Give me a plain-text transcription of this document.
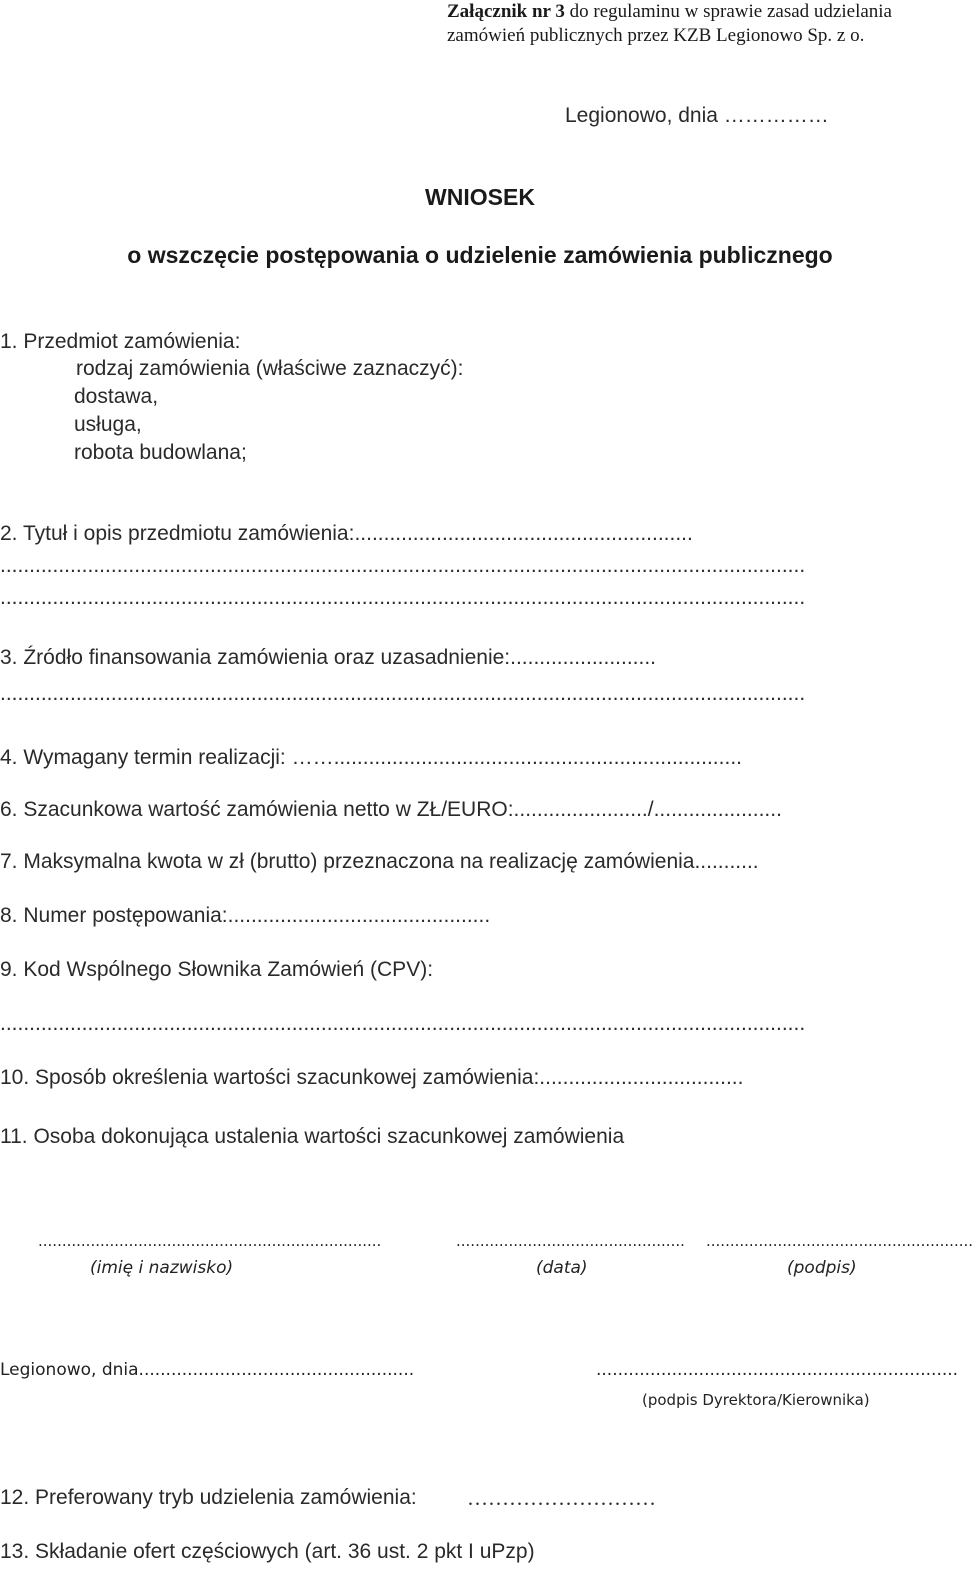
Załącznik nr 3 do regulaminu w sprawie zasad udzielania
zamówień publicznych przez KZB Legionowo Sp. z o.
Legionowo, dnia ……………
WNIOSEK
o wszczęcie postępowania o udzielenie zamówienia publicznego
1. Przedmiot zamówienia:
rodzaj zamówienia (właściwe zaznaczyć):
dostawa,
usługa,
robota budowlana;
2. Tytuł i opis przedmiotu zamówienia:..........................................................
..........................................................................................................................................
..........................................................................................................................................
3. Źródło finansowania zamówienia oraz uzasadnienie:.........................
..........................................................................................................................................
4. Wymagany termin realizacji: ……......................................................................
6. Szacunkowa wartość zamówienia netto w ZŁ/EURO:......................./......................
7. Maksymalna kwota w zł (brutto) przeznaczona na realizację zamówienia...........
8. Numer postępowania:.............................................
9. Kod Wspólnego Słownika Zamówień (CPV):
..........................................................................................................................................
10. Sposób określenia wartości szacunkowej zamówienia:...................................
11. Osoba dokonująca ustalenia wartości szacunkowej zamówienia
........................................................................	................................................ ........................................................
(imię i nazwisko)	(data)	(podpis)
Legionowo, dnia...................................................	...................................................................
(podpis Dyrektora/Kierownika)
12. Preferowany tryb udzielenia zamówienia: ………………………
13. Składanie ofert częściowych (art. 36 ust. 2 pkt I uPzp)
